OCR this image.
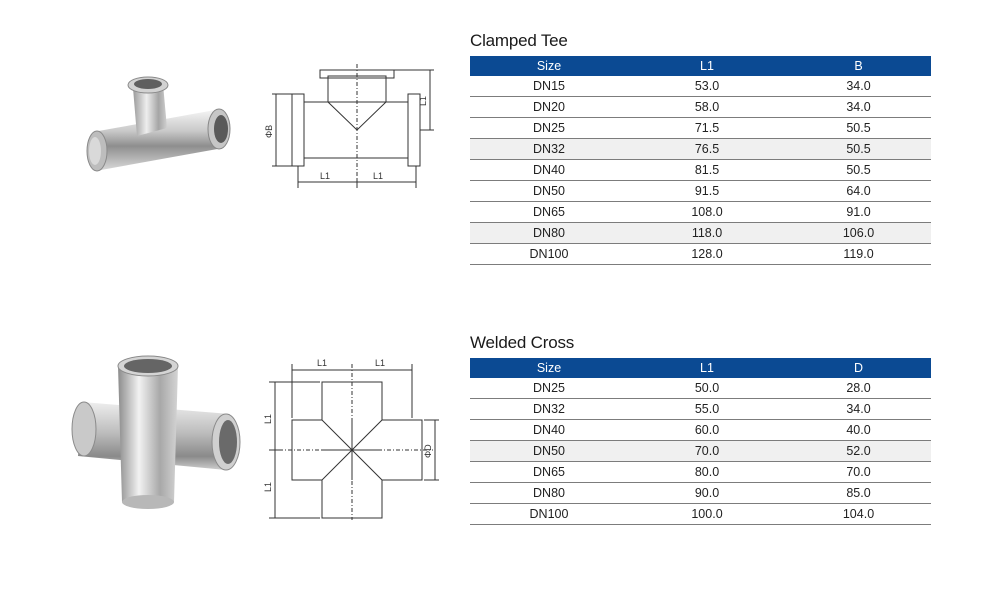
L1	L1
ΦB
L1
Clamped Tee
Size	L1	B
DN15	53.0	34.0
DN20	58.0	34.0
DN25	71.5	50.5
DN32	76.5	50.5
DN40	81.5	50.5
DN50	91.5	64.0
DN65	108.0	91.0
DN80	118.0	106.0
DN100	128.0	119.0
L1	L1
L1
L1
ΦD
Welded Cross
Size	L1	D
DN25	50.0	28.0
DN32	55.0	34.0
DN40	60.0	40.0
DN50	70.0	52.0
DN65	80.0	70.0
DN80	90.0	85.0
DN100	100.0	104.0
